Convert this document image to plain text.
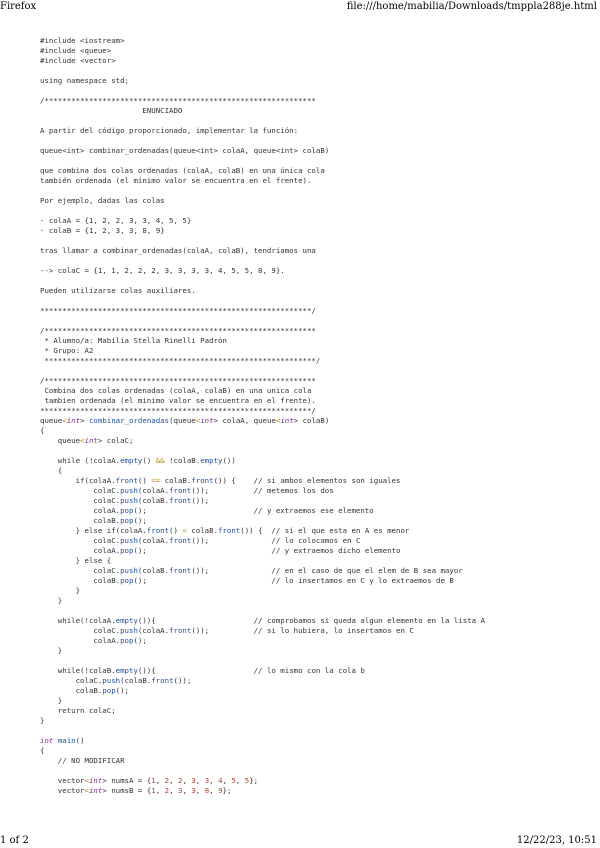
Firefox	file:///home/mabilia/Downloads/tmppla288je.html
#include <iostream>
#include <queue>
#include <vector>

using namespace std;

/*************************************************************
ENUNCIADO

A partir del código proporcionado, implementar la función:

queue<int> combinar_ordenadas(queue<int> colaA, queue<int> colaB)

que combina dos colas ordenadas (colaA, colaB) en una única cola
también ordenada (el mínimo valor se encuentra en el frente).

Por ejemplo, dadas las colas

· colaA = {1, 2, 2, 3, 3, 4, 5, 5}
· colaB = {1, 2, 3, 3, 8, 9}

tras llamar a combinar_ordenadas(colaA, colaB), tendríamos una

--> colaC = {1, 1, 2, 2, 2, 3, 3, 3, 3, 4, 5, 5, 8, 9}.

Pueden utilizarse colas auxiliares.

*************************************************************/

/*************************************************************
* Alumno/a: Mabilia Stella Rinelli Padrón
* Grupo: A2
*************************************************************/

/*************************************************************
Combina dos colas ordenadas (colaA, colaB) en una unica cola
tambien ordenada (el minimo valor se encuentra en el frente).
*************************************************************/
queue<int> combinar_ordenadas(queue<int> colaA, queue<int> colaB)
{
queue<int> colaC;

while (!colaA.empty() && !colaB.empty())
{
if(colaA.front() == colaB.front()) {    // si ambos elementos son iguales
colaC.push(colaA.front());          // metemos los dos
colaC.push(colaB.front());
colaA.pop();                        // y extraemos ese elemento
colaB.pop();
} else if(colaA.front() < colaB.front()) {  // si el que esta en A es menor
colaC.push(colaA.front());              // lo colocamos en C
colaA.pop();                            // y extraemos dicho elemento
} else {
colaC.push(colaB.front());              // en el caso de que el elem de B sea mayor
colaB.pop();                            // lo insertamos en C y lo extraemos de B
}
}

while(!colaA.empty()){                      // comprobamos si queda algun elemento en la lista A
colaC.push(colaA.front());          // si lo hubiera, lo insertamos en C
colaA.pop();
}

while(!colaB.empty()){                      // lo mismo con la cola b
colaC.push(colaB.front());
colaB.pop();
}
return colaC;
}

int main()
{
// NO MODIFICAR

vector<int> numsA = {1, 2, 2, 3, 3, 4, 5, 5};
vector<int> numsB = {1, 2, 3, 3, 8, 9};
1 of 2	12/22/23, 10:51
